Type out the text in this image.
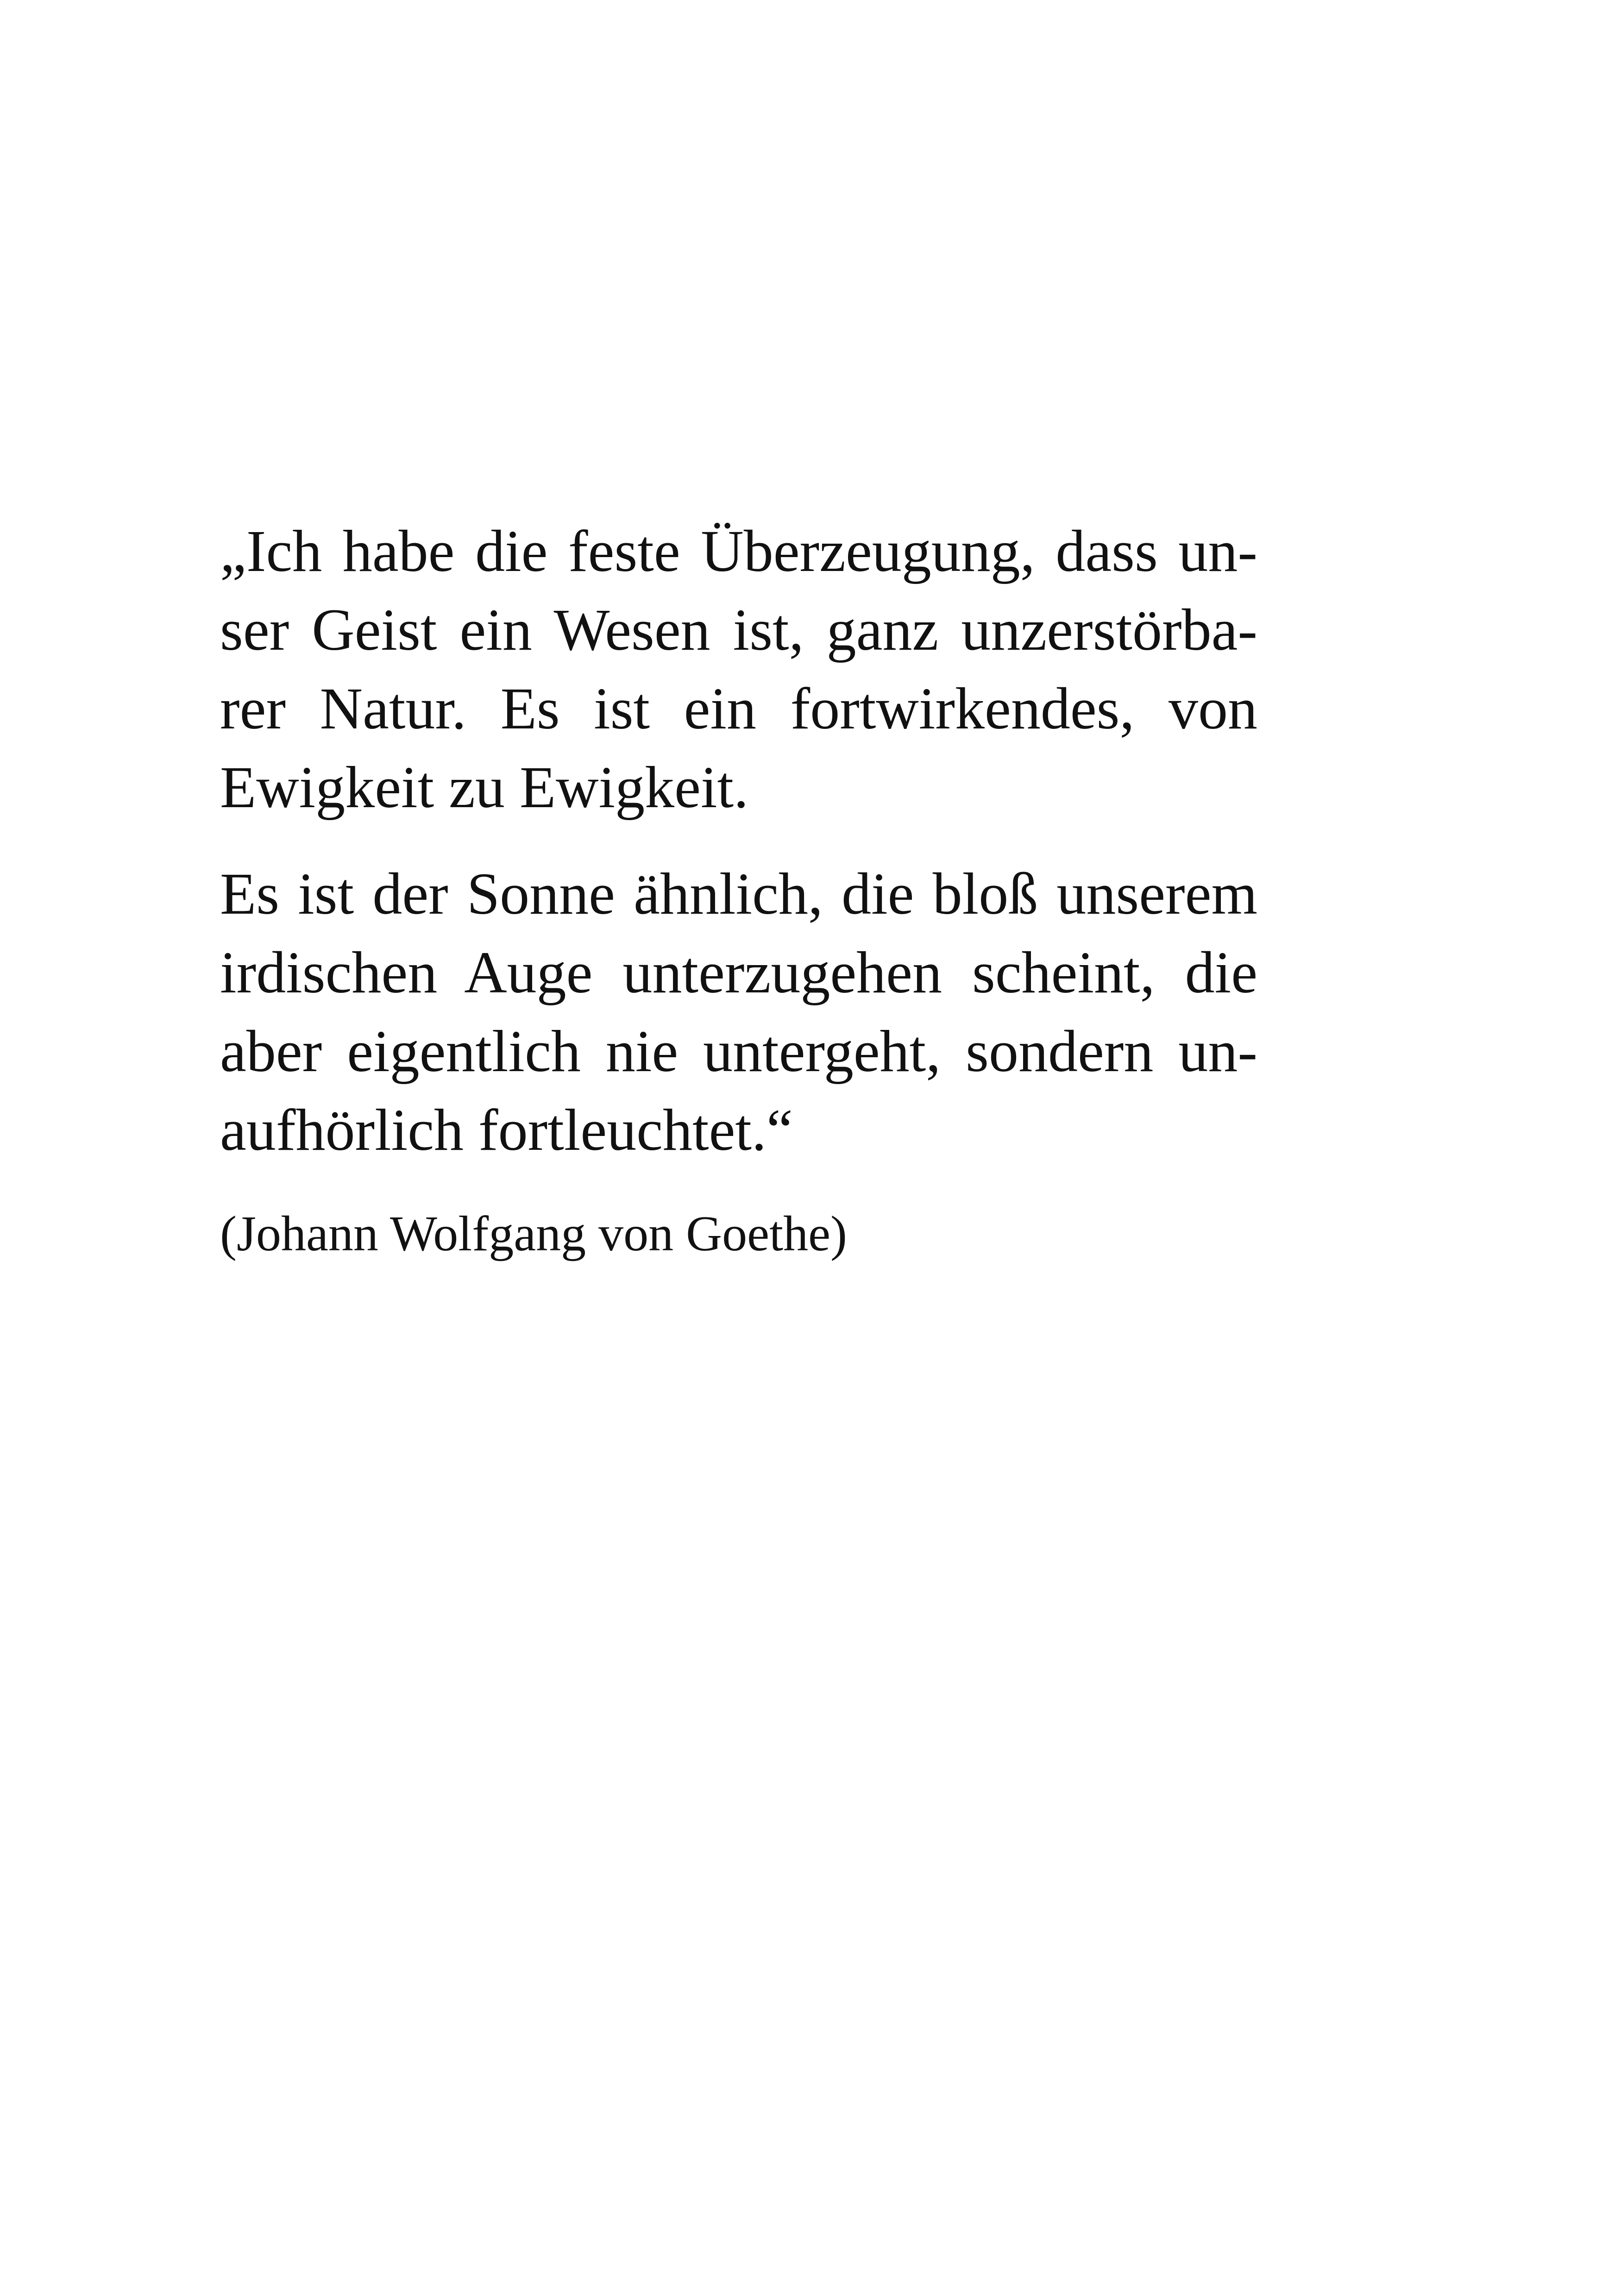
„Ich habe die feste Überzeugung, dass un-
ser Geist ein Wesen ist, ganz unzerstörba-
rer Natur. Es ist ein fortwirkendes, von
Ewigkeit zu Ewigkeit.
Es ist der Sonne ähnlich, die bloß unserem
irdischen Auge unterzugehen scheint, die
aber eigentlich nie untergeht, sondern un-
aufhörlich fortleuchtet.“
(Johann Wolfgang von Goethe)
